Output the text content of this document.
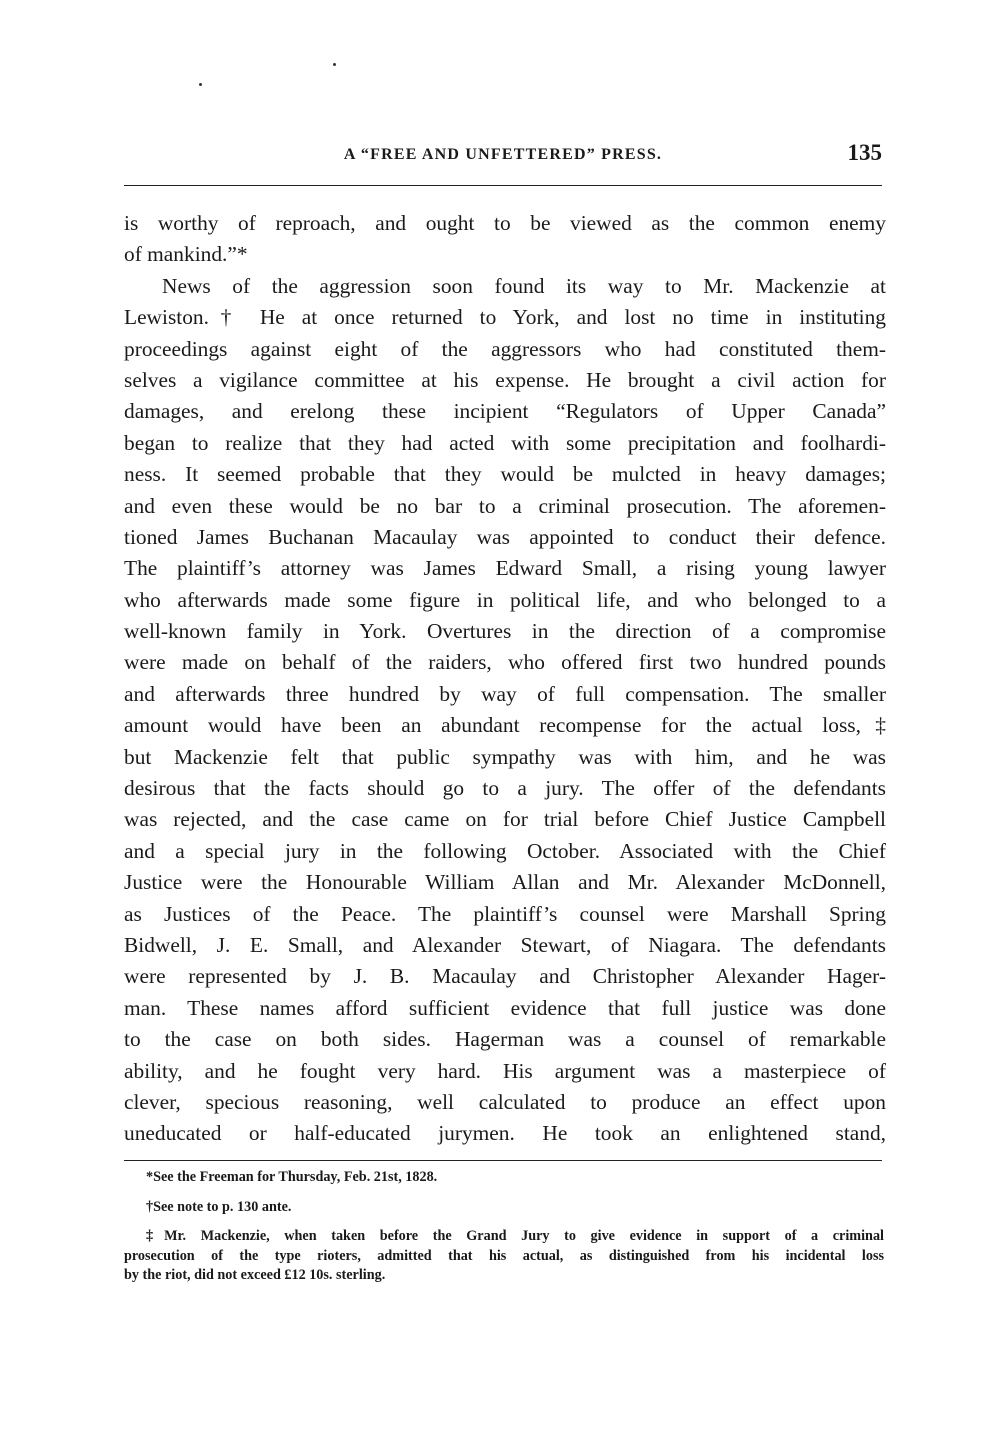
A “FREE AND UNFETTERED” PRESS.	135
is worthy of reproach, and ought to be viewed as the common enemy
of mankind.”*
News of the aggression soon found its way to Mr. Mackenzie at
Lewiston.† He at once returned to York, and lost no time in instituting
proceedings against eight of the aggressors who had constituted them-
selves a vigilance committee at his expense. He brought a civil action for
damages, and erelong these incipient “Regulators of Upper Canada”
began to realize that they had acted with some precipitation and foolhardi-
ness. It seemed probable that they would be mulcted in heavy damages;
and even these would be no bar to a criminal prosecution. The aforemen-
tioned James Buchanan Macaulay was appointed to conduct their defence.
The plaintiff’s attorney was James Edward Small, a rising young lawyer
who afterwards made some figure in political life, and who belonged to a
well-known family in York. Overtures in the direction of a compromise
were made on behalf of the raiders, who offered first two hundred pounds
and afterwards three hundred by way of full compensation. The smaller
amount would have been an abundant recompense for the actual loss,‡
but Mackenzie felt that public sympathy was with him, and he was
desirous that the facts should go to a jury. The offer of the defendants
was rejected, and the case came on for trial before Chief Justice Campbell
and a special jury in the following October. Associated with the Chief
Justice were the Honourable William Allan and Mr. Alexander McDonnell,
as Justices of the Peace. The plaintiff’s counsel were Marshall Spring
Bidwell, J. E. Small, and Alexander Stewart, of Niagara. The defendants
were represented by J. B. Macaulay and Christopher Alexander Hager-
man. These names afford sufficient evidence that full justice was done
to the case on both sides. Hagerman was a counsel of remarkable
ability, and he fought very hard. His argument was a masterpiece of
clever, specious reasoning, well calculated to produce an effect upon
uneducated or half-educated jurymen. He took an enlightened stand,
*See the Freeman for Thursday, Feb. 21st, 1828.
†See note to p. 130 ante.
‡Mr. Mackenzie, when taken before the Grand Jury to give evidence in support of a criminal
prosecution of the type rioters, admitted that his actual, as distinguished from his incidental loss
by the riot, did not exceed £12 10s. sterling.
